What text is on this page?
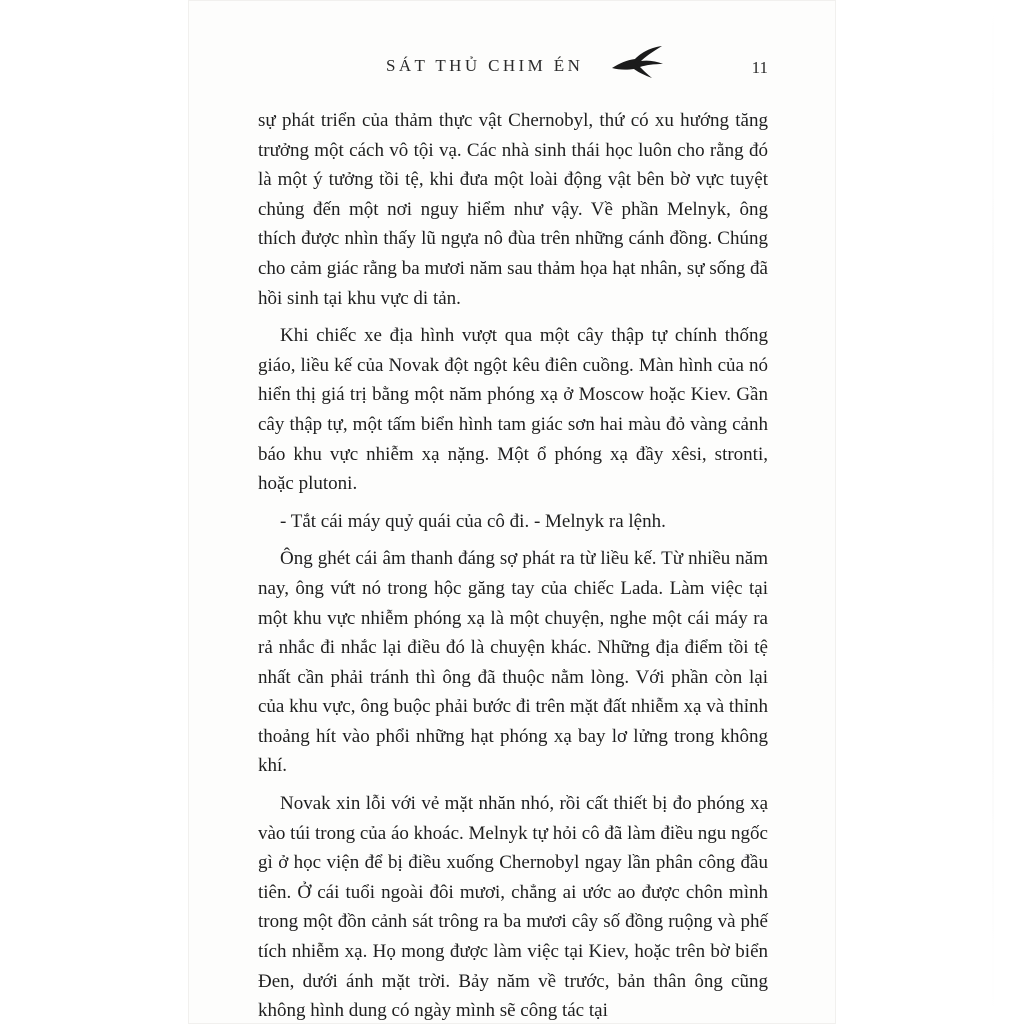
SÁT THỦ CHIM ÉN	11

sự phát triển của thảm thực vật Chernobyl, thứ có xu hướng tăng trưởng một cách vô tội vạ. Các nhà sinh thái học luôn cho rằng đó là một ý tưởng tồi tệ, khi đưa một loài động vật bên bờ vực tuyệt chủng đến một nơi nguy hiểm như vậy. Về phần Melnyk, ông thích được nhìn thấy lũ ngựa nô đùa trên những cánh đồng. Chúng cho cảm giác rằng ba mươi năm sau thảm họa hạt nhân, sự sống đã hồi sinh tại khu vực di tản.

Khi chiếc xe địa hình vượt qua một cây thập tự chính thống giáo, liều kế của Novak đột ngột kêu điên cuồng. Màn hình của nó hiển thị giá trị bằng một năm phóng xạ ở Moscow hoặc Kiev. Gần cây thập tự, một tấm biển hình tam giác sơn hai màu đỏ vàng cảnh báo khu vực nhiễm xạ nặng. Một ổ phóng xạ đầy xêsi, stronti, hoặc plutoni.

- Tắt cái máy quỷ quái của cô đi. - Melnyk ra lệnh.

Ông ghét cái âm thanh đáng sợ phát ra từ liều kế. Từ nhiều năm nay, ông vứt nó trong hộc găng tay của chiếc Lada. Làm việc tại một khu vực nhiễm phóng xạ là một chuyện, nghe một cái máy ra rả nhắc đi nhắc lại điều đó là chuyện khác. Những địa điểm tồi tệ nhất cần phải tránh thì ông đã thuộc nằm lòng. Với phần còn lại của khu vực, ông buộc phải bước đi trên mặt đất nhiễm xạ và thỉnh thoảng hít vào phổi những hạt phóng xạ bay lơ lửng trong không khí.

Novak xin lỗi với vẻ mặt nhăn nhó, rồi cất thiết bị đo phóng xạ vào túi trong của áo khoác. Melnyk tự hỏi cô đã làm điều ngu ngốc gì ở học viện để bị điều xuống Chernobyl ngay lần phân công đầu tiên. Ở cái tuổi ngoài đôi mươi, chẳng ai ước ao được chôn mình trong một đồn cảnh sát trông ra ba mươi cây số đồng ruộng và phế tích nhiễm xạ. Họ mong được làm việc tại Kiev, hoặc trên bờ biển Đen, dưới ánh mặt trời. Bảy năm về trước, bản thân ông cũng không hình dung có ngày mình sẽ công tác tại
